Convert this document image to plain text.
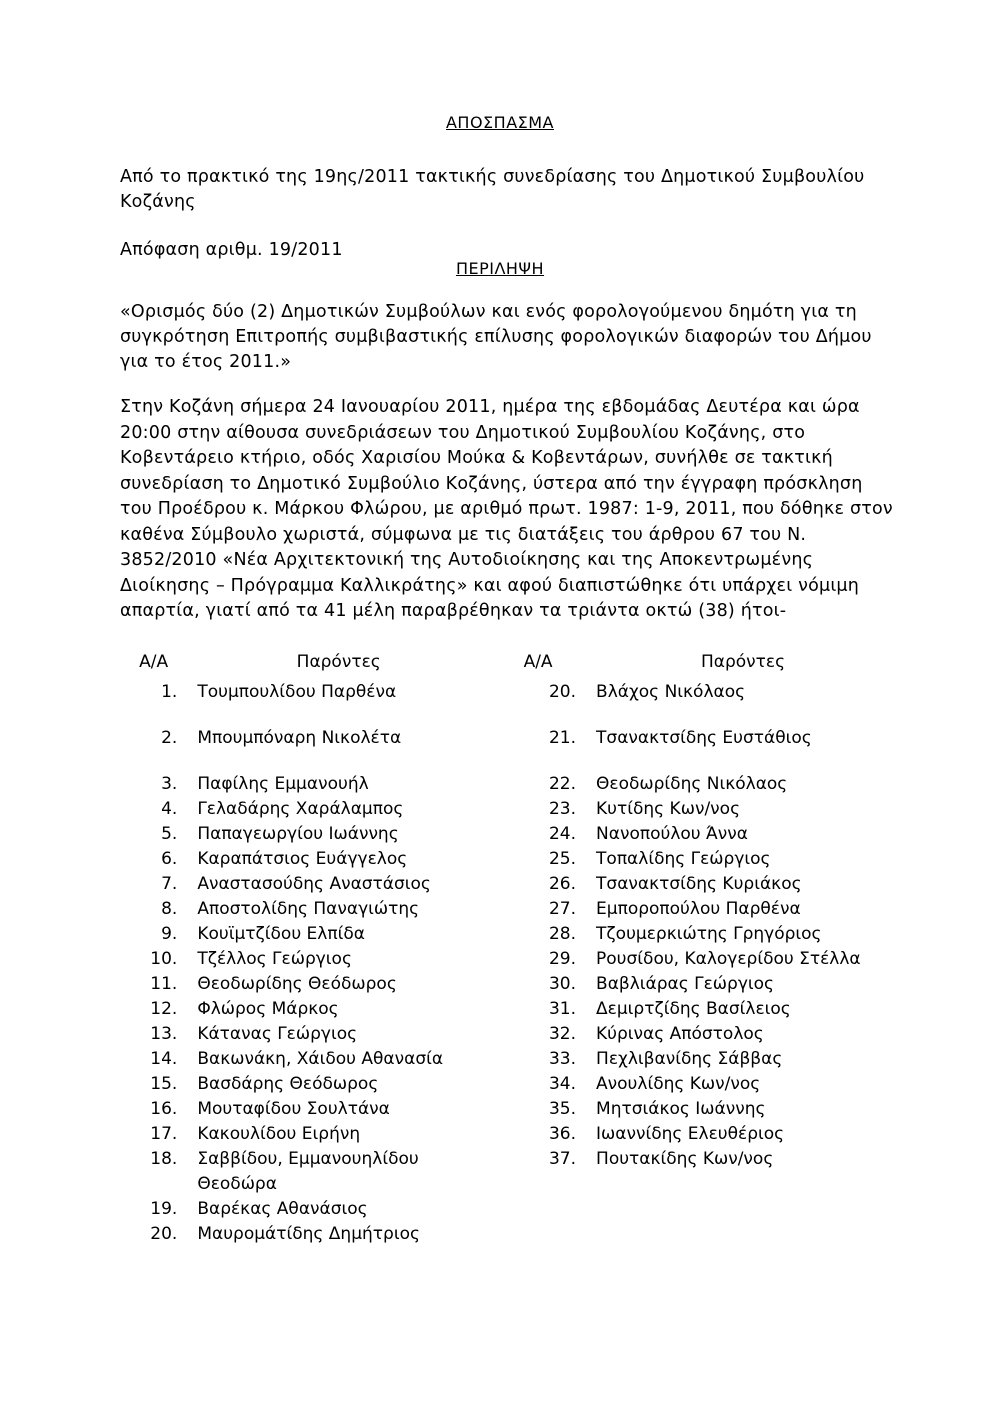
ΑΠΟΣΠΑΣΜΑ
Από το πρακτικό της 19ης/2011 τακτικής συνεδρίασης του Δημοτικού Συμβουλίου Κοζάνης
Απόφαση αριθμ. 19/2011
ΠΕΡΙΛΗΨΗ
«Ορισμός δύο (2) Δημοτικών Συμβούλων και ενός φορολογούμενου δημότη για τη συγκρότηση Επιτροπής συμβιβαστικής επίλυσης φορολογικών διαφορών του Δήμου για το έτος 2011.»
Στην Κοζάνη σήμερα 24 Ιανουαρίου 2011, ημέρα της εβδομάδας Δευτέρα και ώρα 20:00 στην αίθουσα συνεδριάσεων του Δημοτικού Συμβουλίου Κοζάνης, στο Κοβεντάρειο κτήριο, οδός Χαρισίου Μούκα & Κοβεντάρων, συνήλθε σε τακτική συνεδρίαση το Δημοτικό Συμβούλιο Κοζάνης, ύστερα από την έγγραφη πρόσκληση του Προέδρου κ. Μάρκου Φλώρου, με αριθμό πρωτ. 1987: 1-9, 2011, που δόθηκε στον καθένα Σύμβουλο χωριστά, σύμφωνα με τις διατάξεις του άρθρου 67 του Ν. 3852/2010 «Νέα Αρχιτεκτονική της Αυτοδιοίκησης και της Αποκεντρωμένης Διοίκησης – Πρόγραμμα Καλλικράτης» και αφού διαπιστώθηκε ότι υπάρχει νόμιμη απαρτία, γιατί από τα 41 μέλη παραβρέθηκαν τα τριάντα οκτώ (38) ήτοι-
Α/Α	Παρόντες	Α/Α	Παρόντες
1.	Τουμπουλίδου Παρθένα	20.	Βλάχος Νικόλαος

2.	Μπουμπόναρη Νικολέτα	21.	Τσανακτσίδης Ευστάθιος

3.	Παφίλης Εμμανουήλ	22.	Θεοδωρίδης Νικόλαος
4.	Γελαδάρης Χαράλαμπος	23.	Κυτίδης Κων/νος
5.	Παπαγεωργίου Ιωάννης	24.	Νανοπούλου Άννα
6.	Καραπάτσιος Ευάγγελος	25.	Τοπαλίδης Γεώργιος
7.	Αναστασούδης Αναστάσιος	26.	Τσανακτσίδης Κυριάκος
8.	Αποστολίδης Παναγιώτης	27.	Εμποροπούλου Παρθένα
9.	Κουϊμτζίδου Ελπίδα	28.	Τζουμερκιώτης Γρηγόριος
10.	Τζέλλος Γεώργιος	29.	Ρουσίδου, Καλογερίδου Στέλλα
11.	Θεοδωρίδης Θεόδωρος	30.	Βαβλιάρας Γεώργιος
12.	Φλώρος Μάρκος	31.	Δεμιρτζίδης Βασίλειος
13.	Κάτανας Γεώργιος	32.	Κύρινας Απόστολος
14.	Βακωνάκη, Χάιδου Αθανασία	33.	Πεχλιβανίδης Σάββας
15.	Βασδάρης Θεόδωρος	34.	Ανουλίδης Κων/νος
16.	Μουταφίδου Σουλτάνα	35.	Μητσιάκος Ιωάννης
17.	Κακουλίδου Ειρήνη	36.	Ιωαννίδης Ελευθέριος
18.	Σαββίδου, Εμμανουηλίδου	37.	Πουτακίδης Κων/νος
	Θεοδώρα		
19.	Βαρέκας Αθανάσιος		
20.	Μαυρομάτίδης Δημήτριος		
